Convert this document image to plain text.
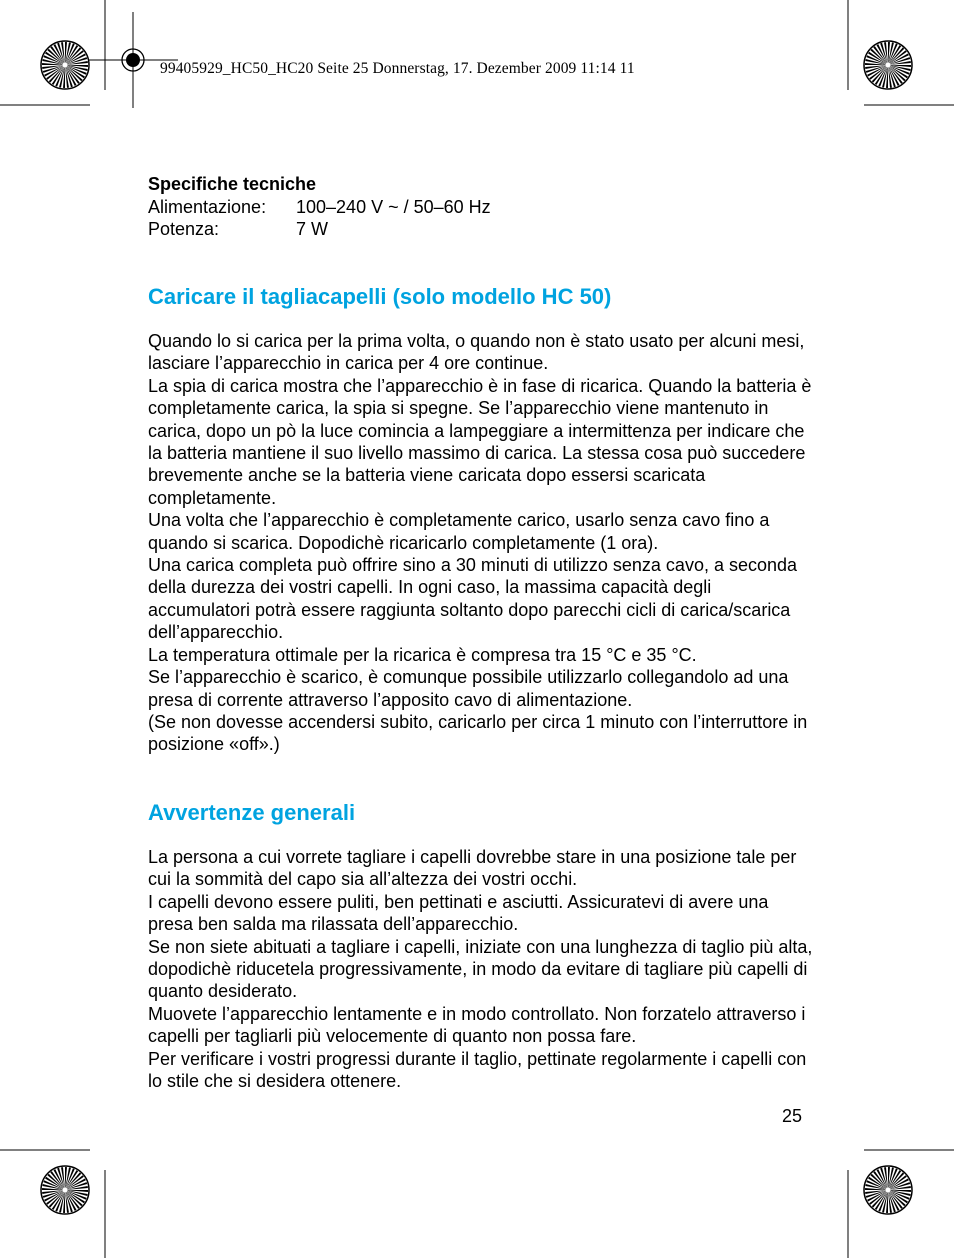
99405929_HC50_HC20 Seite 25 Donnerstag, 17. Dezember 2009 11:14 11
Specifiche tecniche
Alimentazione:	100–240 V ~ / 50–60 Hz
Potenza:	7 W
Caricare il tagliacapelli (solo modello HC 50)

Quando lo si carica per la prima volta, o quando non è stato usato per alcuni mesi, lasciare l’apparecchio in carica per 4 ore continue.

La spia di carica mostra che l’apparecchio è in fase di ricarica. Quando la batteria è completamente carica, la spia si spegne. Se l’apparecchio viene mantenuto in carica, dopo un pò la luce comincia a lampeggiare a intermittenza per indicare che la batteria mantiene il suo livello massimo di carica. La stessa cosa può succedere brevemente anche se la batteria viene caricata dopo essersi scaricata completamente.

Una volta che l’apparecchio è completamente carico, usarlo senza cavo fino a quando si scarica. Dopodichè ricaricarlo completamente (1 ora).

Una carica completa può offrire sino a 30 minuti di utilizzo senza cavo, a seconda della durezza dei vostri capelli. In ogni caso, la massima capacità degli accumulatori potrà essere raggiunta soltanto dopo parecchi cicli di carica/scarica dell’apparecchio.

La temperatura ottimale per la ricarica è compresa tra 15 °C e 35 °C.

Se l’apparecchio è scarico, è comunque possibile utilizzarlo collegandolo ad una presa di corrente attraverso l’apposito cavo di alimentazione.

(Se non dovesse accendersi subito, caricarlo per circa 1 minuto con l’interruttore in posizione «off».)

Avvertenze generali

La persona a cui vorrete tagliare i capelli dovrebbe stare in una posizione tale per cui la sommità del capo sia all’altezza dei vostri occhi.

I capelli devono essere puliti, ben pettinati e asciutti. Assicuratevi di avere una presa ben salda ma rilassata dell’apparecchio.

Se non siete abituati a tagliare i capelli, iniziate con una lunghezza di taglio più alta, dopodichè riducetela progressivamente, in modo da evitare di tagliare più capelli di quanto desiderato.

Muovete l’apparecchio lentamente e in modo controllato. Non forzatelo attraverso i capelli per tagliarli più velocemente di quanto non possa fare.

Per verificare i vostri progressi durante il taglio, pettinate regolarmente i capelli con lo stile che si desidera ottenere.

25
